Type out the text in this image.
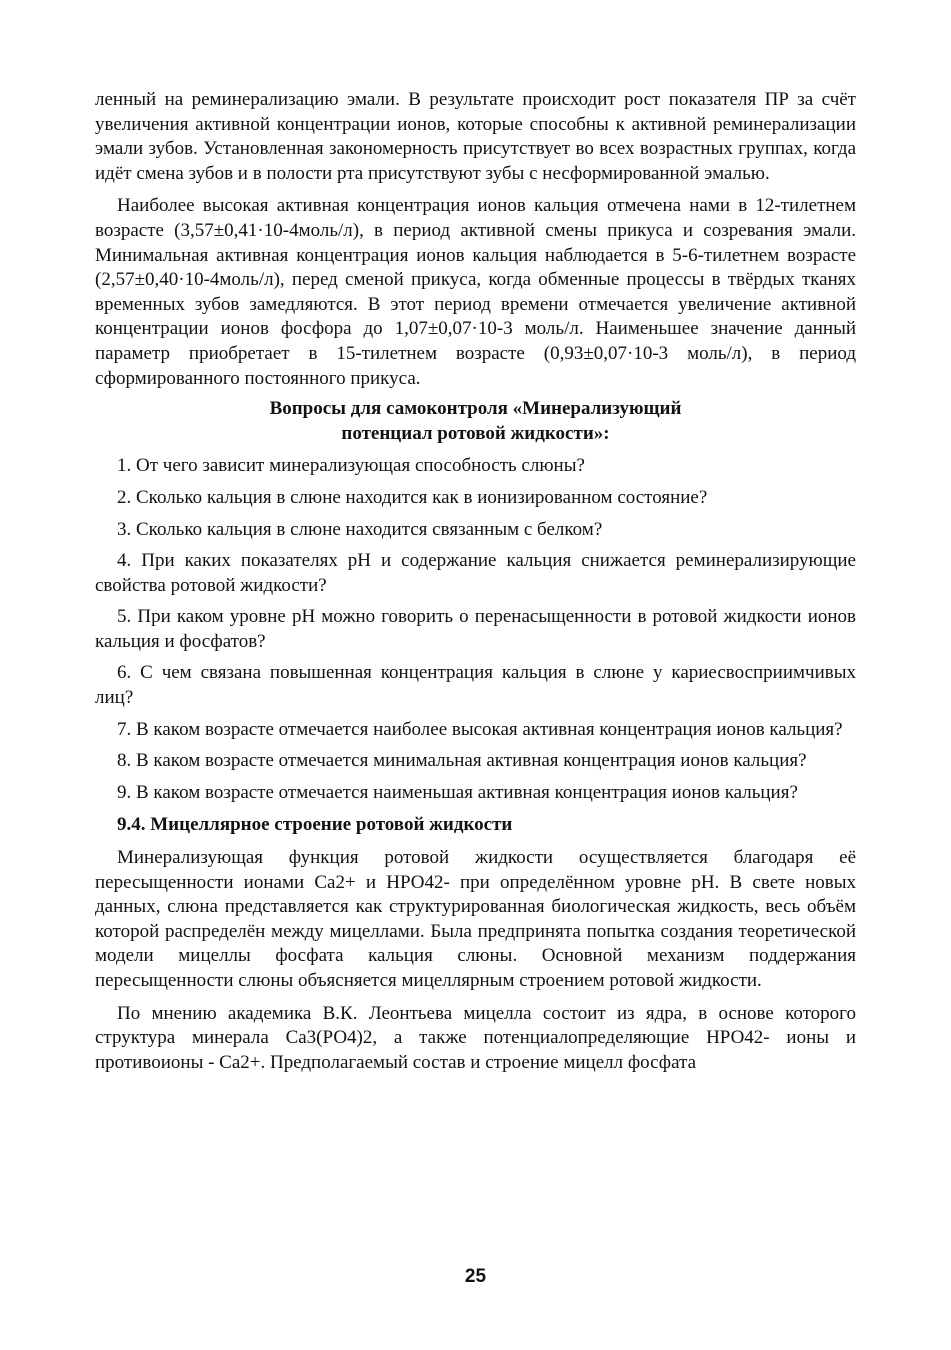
ленный на реминерализацию эмали. В результате происходит рост показателя ПР за счёт увеличения активной концентрации ионов, которые способны к активной реминерализации эмали зубов. Установленная закономерность присутствует во всех возрастных группах, когда идёт смена зубов и в полости рта присутствуют зубы с несформированной эмалью.

Наиболее высокая активная концентрация ионов кальция отмечена нами в 12-тилетнем возрасте (3,57±0,41·10-4моль/л), в период активной смены прикуса и созревания эмали. Минимальная активная концентрация ионов кальция наблюдается в 5-6-тилетнем возрасте (2,57±0,40·10-4моль/л), перед сменой прикуса, когда обменные процессы в твёрдых тканях временных зубов замедляются. В этот период времени отмечается увеличение активной концентрации ионов фосфора до 1,07±0,07·10-3 моль/л. Наименьшее значение данный параметр приобретает в 15-тилетнем возрасте (0,93±0,07·10-3 моль/л), в период сформированного постоянного прикуса.

Вопросы для самоконтроля «Минерализующий
потенциал ротовой жидкости»:

1. От чего зависит минерализующая способность слюны?

2. Сколько кальция в слюне находится как в ионизированном состояние?

3. Сколько кальция в слюне находится связанным с белком?

4. При каких показателях рН и содержание кальция снижается реминерализирующие свойства ротовой жидкости?

5. При каком уровне рН можно говорить о перенасыщенности в ротовой жидкости ионов кальция и фосфатов?

6. С чем связана повышенная концентрация кальция в слюне у кариесвосприимчивых лиц?

7. В каком возрасте отмечается наиболее высокая активная концентрация ионов кальция?

8. В каком возрасте отмечается минимальная активная концентрация ионов кальция?

9. В каком возрасте отмечается наименьшая активная концентрация ионов кальция?

9.4. Мицеллярное строение ротовой жидкости

Минерализующая функция ротовой жидкости осуществляется благодаря её пересыщенности ионами Са2+ и НРО42- при определённом уровне рН. В свете новых данных, слюна представляется как структурированная биологическая жидкость, весь объём которой распределён между мицеллами. Была предпринята попытка создания теоретической модели мицеллы фосфата кальция слюны. Основной механизм поддержания пересыщенности слюны объясняется мицеллярным строением ротовой жидкости.

По мнению академика В.К. Леонтьева мицелла состоит из ядра, в основе которого структура минерала Са3(РО4)2, а также потенциалопределяющие НРО42- ионы и противоионы - Са2+. Предполагаемый состав и строение мицелл фосфата

25
